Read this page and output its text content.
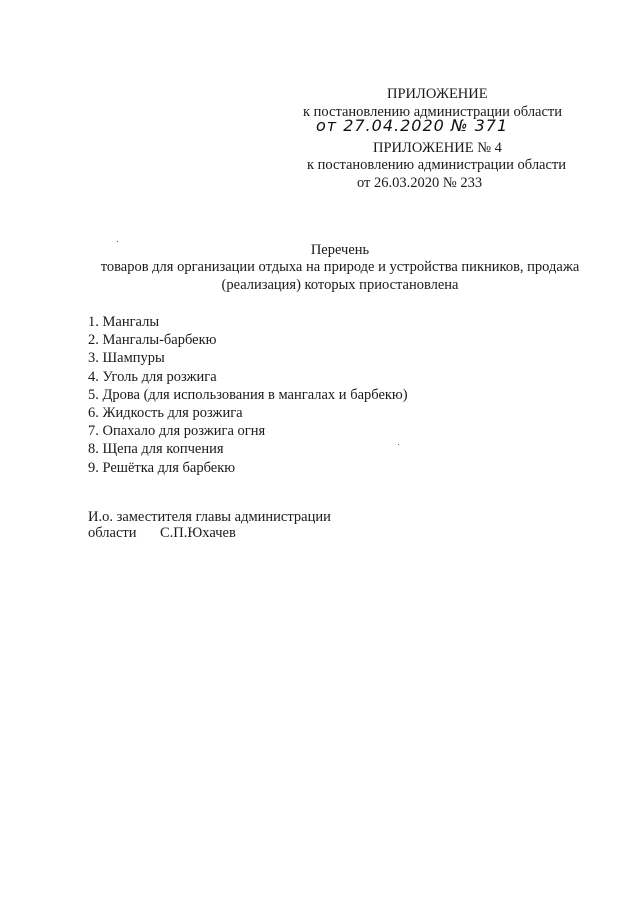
ПРИЛОЖЕНИЕ
к постановлению администрации области
от 27.04.2020 № 371
ПРИЛОЖЕНИЕ № 4
к постановлению администрации области
от 26.03.2020 № 233
Перечень
товаров для организации отдыха на природе и устройства пикников, продажа
(реализация) которых приостановлена
1. Мангалы
2. Мангалы-барбекю
3. Шампуры
4. Уголь для розжига
5. Дрова (для использования в мангалах и барбекю)
6. Жидкость для розжига
7. Опахало для розжига огня
8. Щепа для копчения
9. Решётка для барбекю
И.о. заместителя главы администрации
области С.П.Юхачев
